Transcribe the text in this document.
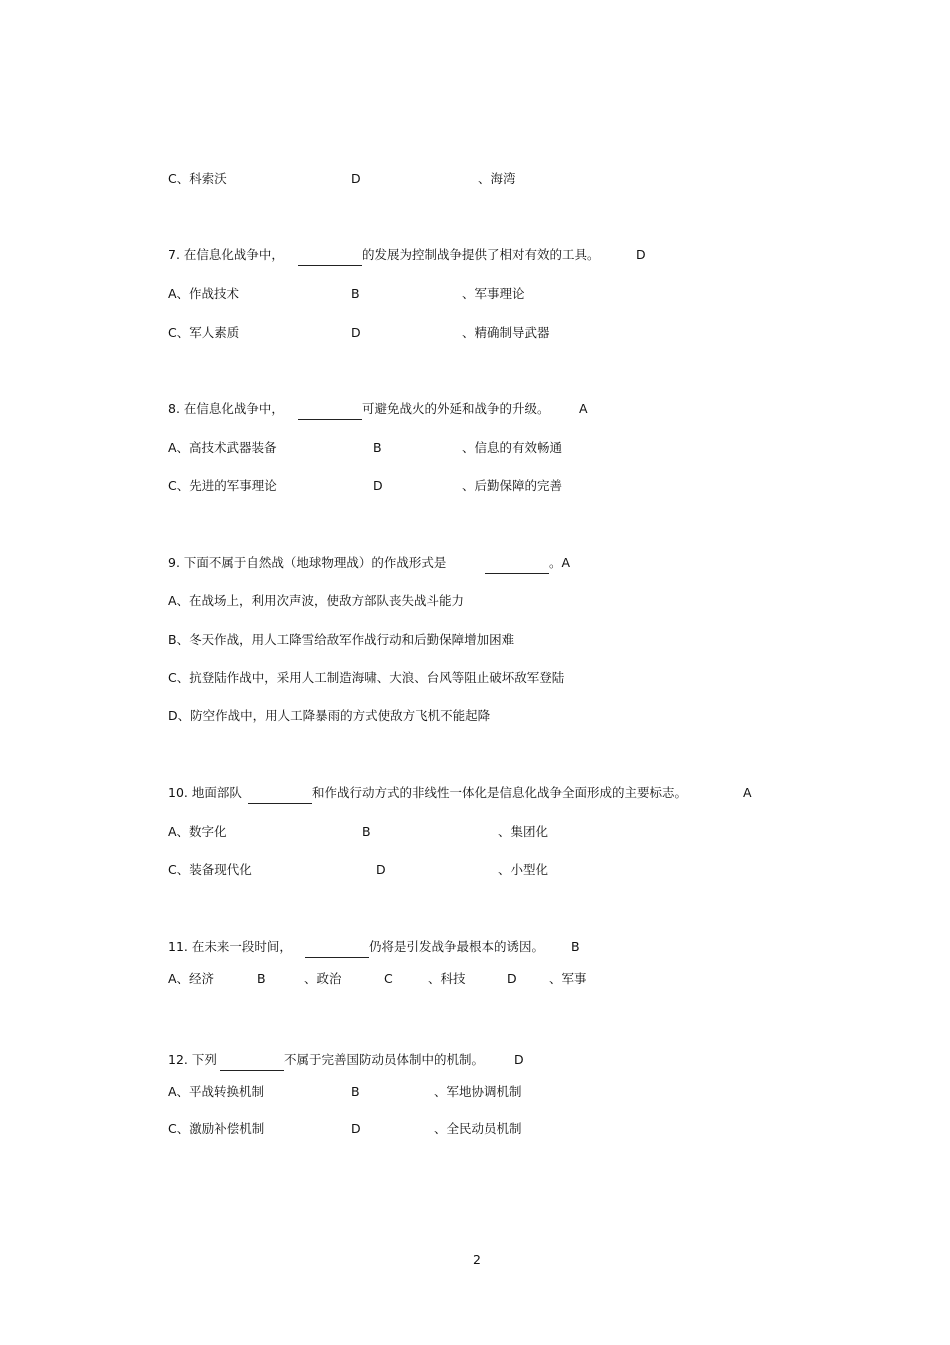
C、科索沃	D	、海湾
7. 在信息化战争中，	的发展为控制战争提供了相对有效的工具。	D
A、作战技术	B	、军事理论
C、军人素质	D	、精确制导武器
8. 在信息化战争中，	可避免战火的外延和战争的升级。 A
A、高技术武器装备	B	、信息的有效畅通
C、先进的军事理论	D	、后勤保障的完善
9. 下面不属于自然战（地球物理战）的作战形式是	。A
A、在战场上，利用次声波，使敌方部队丧失战斗能力
B、冬天作战，用人工降雪给敌军作战行动和后勤保障增加困难
C、抗登陆作战中，采用人工制造海啸、大浪、台风等阻止破坏敌军登陆
D、防空作战中，用人工降暴雨的方式使敌方飞机不能起降
10. 地面部队	和作战行动方式的非线性一体化是信息化战争全面形成的主要标志。	A
A、数字化	B	、集团化
C、装备现代化	D	、小型化
11. 在未来一段时间，	仍将是引发战争最根本的诱因。 B
A、经济	B	、政治	C	、科技	D	、军事
12. 下列	不属于完善国防动员体制中的机制。 D
A、平战转换机制	B	、军地协调机制
C、激励补偿机制	D	、全民动员机制
2
